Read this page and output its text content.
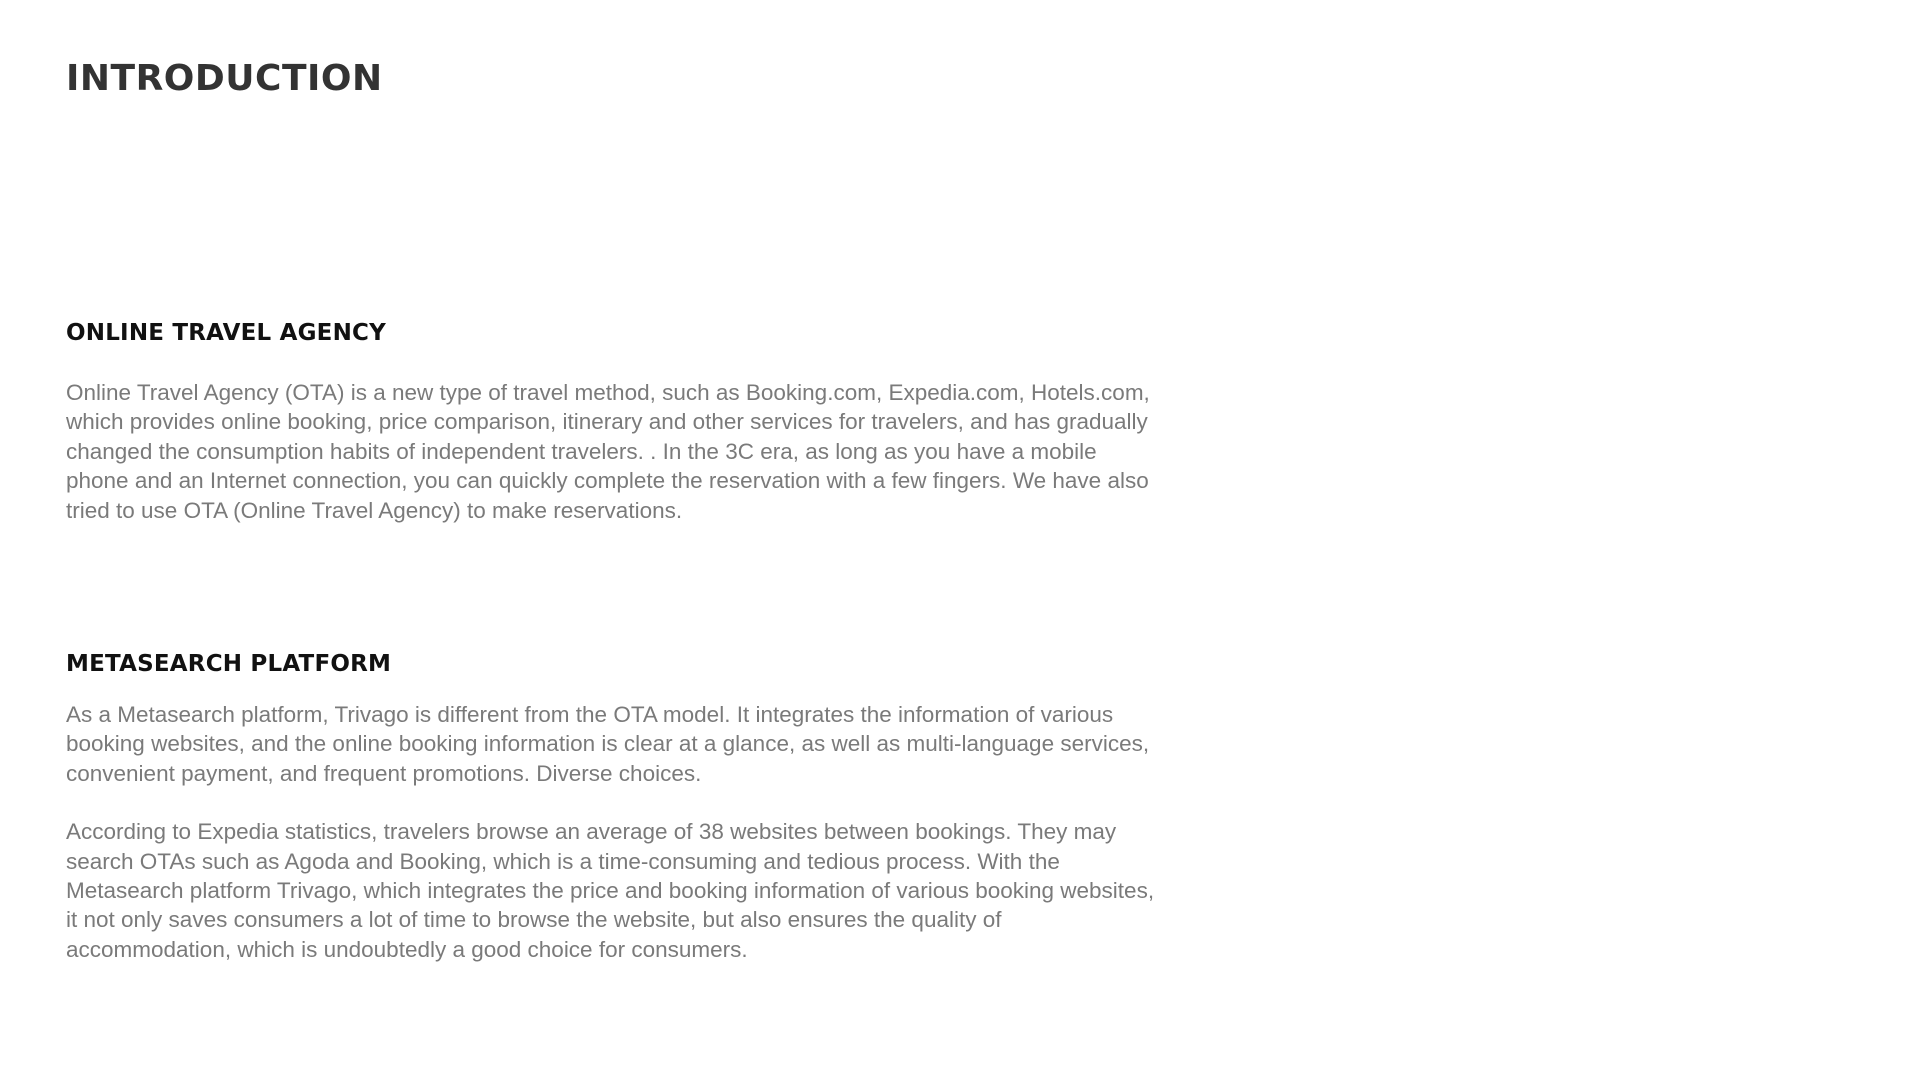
INTRODUCTION
ONLINE TRAVEL AGENCY

Online Travel Agency (OTA) is a new type of travel method, such as Booking.com, Expedia.com, Hotels.com, which provides online booking, price comparison, itinerary and other services for travelers, and has gradually changed the consumption habits of independent travelers. . In the 3C era, as long as you have a mobile phone and an Internet connection, you can quickly complete the reservation with a few fingers. We have also tried to use OTA (Online Travel Agency) to make reservations.

METASEARCH PLATFORM

As a Metasearch platform, Trivago is different from the OTA model. It integrates the information of various booking websites, and the online booking information is clear at a glance, as well as multi-language services, convenient payment, and frequent promotions. Diverse choices.

According to Expedia statistics, travelers browse an average of 38 websites between bookings. They may search OTAs such as Agoda and Booking, which is a time-consuming and tedious process. With the Metasearch platform Trivago, which integrates the price and booking information of various booking websites, it not only saves consumers a lot of time to browse the website, but also ensures the quality of accommodation, which is undoubtedly a good choice for consumers.
